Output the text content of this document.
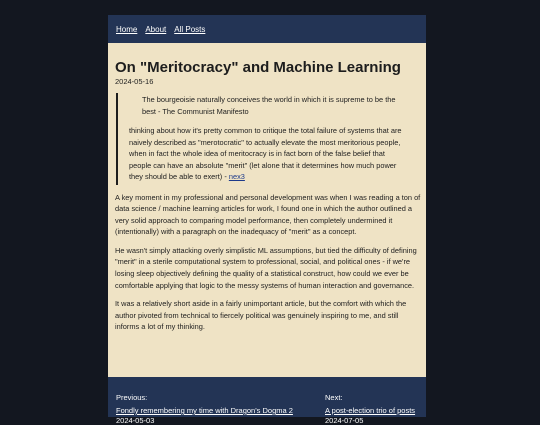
Home About All Posts
On "Meritocracy" and Machine Learning
2024-05-16
The bourgeoisie naturally conceives the world in which it is supreme to be the best - The Communist Manifesto
thinking about how it's pretty common to critique the total failure of systems that are naively described as "merotocratic" to actually elevate the most meritorious people, when in fact the whole idea of meritocracy is in fact born of the false belief that people can have an absolute "merit" (let alone that it determines how much power they should be able to exert) - nex3

A key moment in my professional and personal development was when I was reading a ton of data science / machine learning articles for work, I found one in which the author outlined a very solid approach to comparing model performance, then completely undermined it (intentionally) with a paragraph on the inadequacy of "merit" as a concept.

He wasn't simply attacking overly simplistic ML assumptions, but tied the difficulty of defining "merit" in a sterile computational system to professional, social, and political ones - if we're losing sleep objectively defining the quality of a statistical construct, how could we ever be comfortable applying that logic to the messy systems of human interaction and governance.

It was a relatively short aside in a fairly unimportant article, but the comfort with which the author pivoted from technical to fiercely political was genuinely inspiring to me, and still informs a lot of my thinking.

Previous:
Fondly remembering my time with Dragon's Dogma 2
2024-05-03
Next:
A post-election trio of posts
2024-07-05
